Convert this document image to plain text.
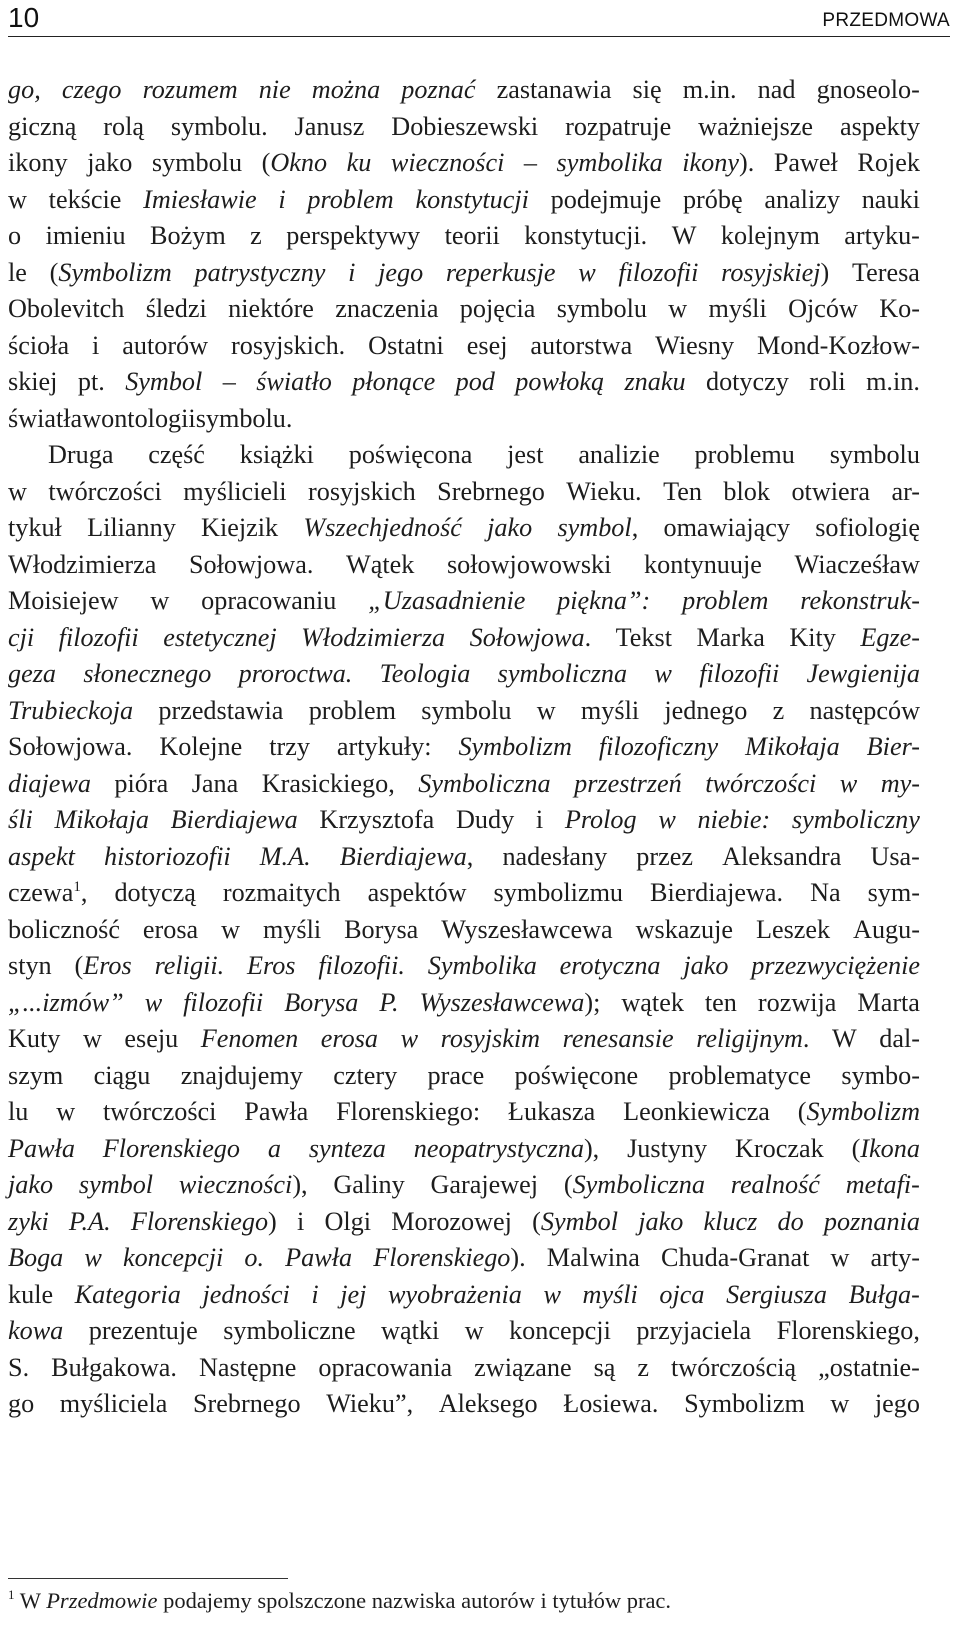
10	PRZEDMOWA
go, czego rozumem nie można poznać zastanawia się m.in. nad gnoseolo-
giczną rolą symbolu. Janusz Dobieszewski rozpatruje ważniejsze aspekty
ikony jako symbolu (Okno ku wieczności – symbolika ikony). Paweł Rojek
w tekście Imiesławie i problem konstytucji podejmuje próbę analizy nauki
o imieniu Bożym z perspektywy teorii konstytucji. W kolejnym artyku-
le (Symbolizm patrystyczny i jego reperkusje w filozofii rosyjskiej) Teresa
Obolevitch śledzi niektóre znaczenia pojęcia symbolu w myśli Ojców Ko-
ścioła i autorów rosyjskich. Ostatni esej autorstwa Wiesny Mond-Kozłow-
skiej pt. Symbol – światło płonące pod powłoką znaku dotyczy roli m.in.
światła w ontologii symbolu.
Druga część książki poświęcona jest analizie problemu symbolu
w twórczości myślicieli rosyjskich Srebrnego Wieku. Ten blok otwiera ar-
tykuł Lilianny Kiejzik Wszechjedność jako symbol, omawiający sofiologię
Włodzimierza Sołowjowa. Wątek sołowjowowski kontynuuje Wiacześław
Moisiejew w opracowaniu „Uzasadnienie piękna”: problem rekonstruk-
cji filozofii estetycznej Włodzimierza Sołowjowa. Tekst Marka Kity Egze-
geza słonecznego proroctwa. Teologia symboliczna w filozofii Jewgienija
Trubieckoja przedstawia problem symbolu w myśli jednego z następców
Sołowjowa. Kolejne trzy artykuły: Symbolizm filozoficzny Mikołaja Bier-
diajewa pióra Jana Krasickiego, Symboliczna przestrzeń twórczości w my-
śli Mikołaja Bierdiajewa Krzysztofa Dudy i Prolog w niebie: symboliczny
aspekt historiozofii M.A. Bierdiajewa, nadesłany przez Aleksandra Usa-
czewa$^1$, dotyczą rozmaitych aspektów symbolizmu Bierdiajewa. Na sym-
boliczność erosa w myśli Borysa Wyszesławcewa wskazuje Leszek Augu-
styn (Eros religii. Eros filozofii. Symbolika erotyczna jako przezwyciężenie
„...izmów” w filozofii Borysa P. Wyszesławcewa); wątek ten rozwija Marta
Kuty w eseju Fenomen erosa w rosyjskim renesansie religijnym. W dal-
szym ciągu znajdujemy cztery prace poświęcone problematyce symbo-
lu w twórczości Pawła Florenskiego: Łukasza Leonkiewicza (Symbolizm
Pawła Florenskiego a synteza neopatrystyczna), Justyny Kroczak (Ikona
jako symbol wieczności), Galiny Garajewej (Symboliczna realność metafi-
zyki P.A. Florenskiego) i Olgi Morozowej (Symbol jako klucz do poznania
Boga w koncepcji o. Pawła Florenskiego). Malwina Chuda-Granat w arty-
kule Kategoria jedności i jej wyobrażenia w myśli ojca Sergiusza Bułga-
kowa prezentuje symboliczne wątki w koncepcji przyjaciela Florenskiego,
S. Bułgakowa. Następne opracowania związane są z twórczością „ostatnie-
go myśliciela Srebrnego Wieku”, Aleksego Łosiewa. Symbolizm w jego
$^1$ W Przedmowie podajemy spolszczone nazwiska autorów i tytułów prac.
